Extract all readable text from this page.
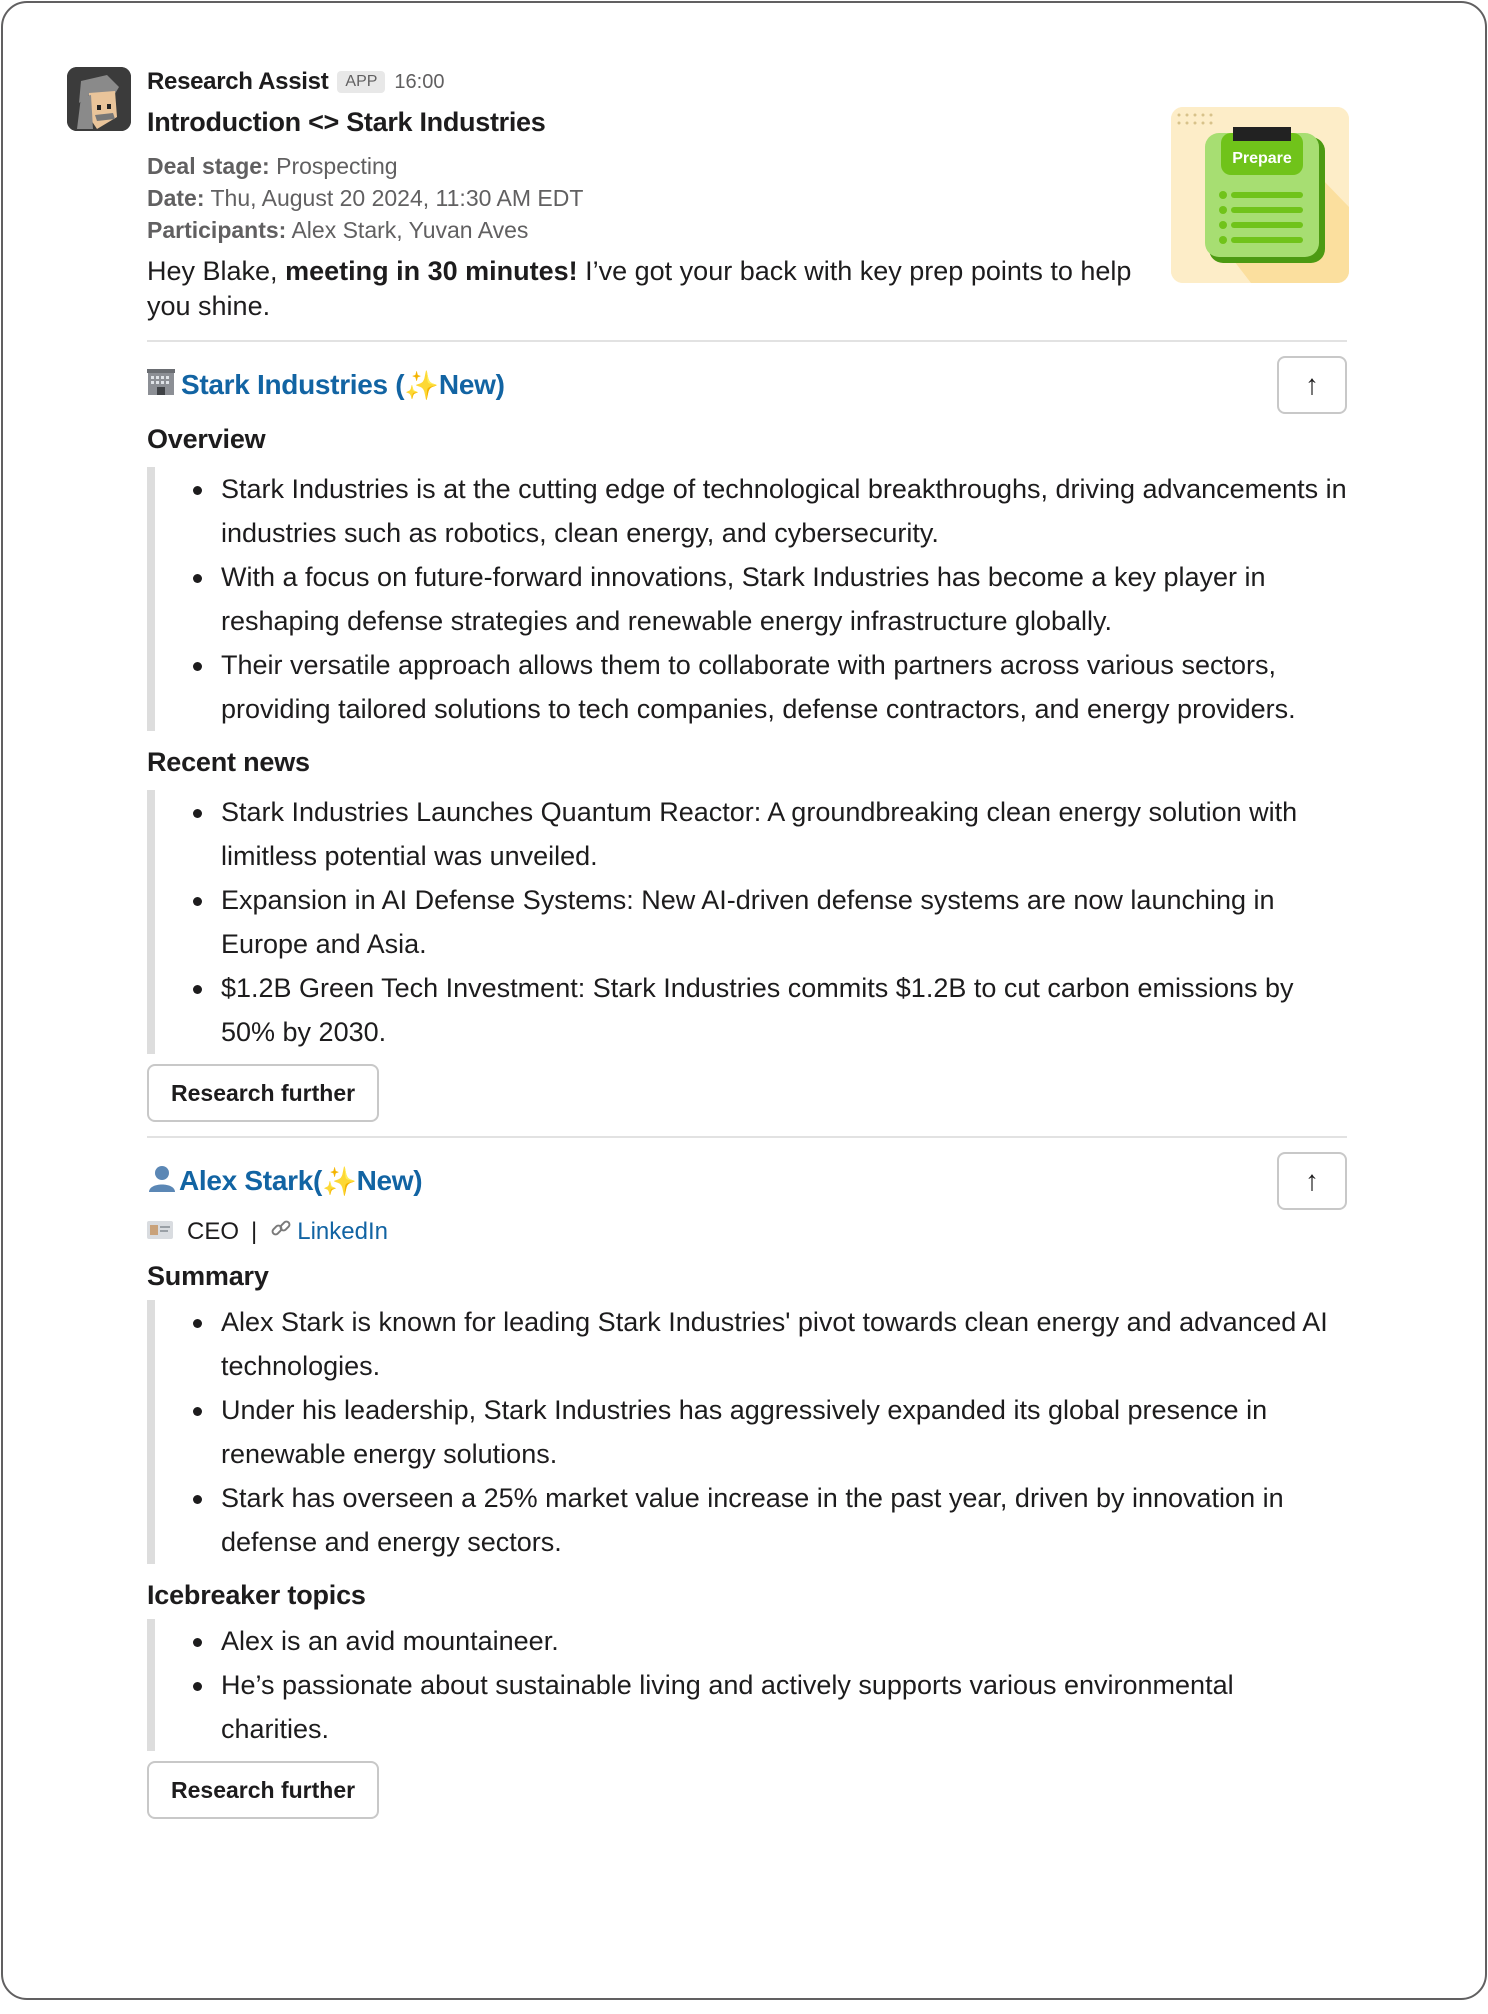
Research Assist	APP 16:00
Introduction <> Stark Industries
Deal stage: Prospecting
Date: Thu, August 20 2024, 11:30 AM EDT
Participants: Alex Stark, Yuvan Aves
Hey Blake, meeting in 30 minutes! I’ve got your back with key prep points to help you shine.
Prepare
Stark Industries ( ✨ New)	↑
Overview
Stark Industries is at the cutting edge of technological breakthroughs, driving advancements in industries such as robotics, clean energy, and cybersecurity.
With a focus on future-forward innovations, Stark Industries has become a key player in reshaping defense strategies and renewable energy infrastructure globally.
Their versatile approach allows them to collaborate with partners across various sectors, providing tailored solutions to tech companies, defense contractors, and energy providers.
Recent news
Stark Industries Launches Quantum Reactor: A groundbreaking clean energy solution with limitless potential was unveiled.
Expansion in AI Defense Systems: New AI-driven defense systems are now launching in Europe and Asia.
$1.2B Green Tech Investment: Stark Industries commits $1.2B to cut carbon emissions by 50% by 2030.
Research further
Alex Stark( ✨ New)	↑
CEO | LinkedIn
Summary
Alex Stark is known for leading Stark Industries' pivot towards clean energy and advanced AI technologies.
Under his leadership, Stark Industries has aggressively expanded its global presence in renewable energy solutions.
Stark has overseen a 25% market value increase in the past year, driven by innovation in defense and energy sectors.
Icebreaker topics
Alex is an avid mountaineer.
He’s passionate about sustainable living and actively supports various environmental charities.
Research further
